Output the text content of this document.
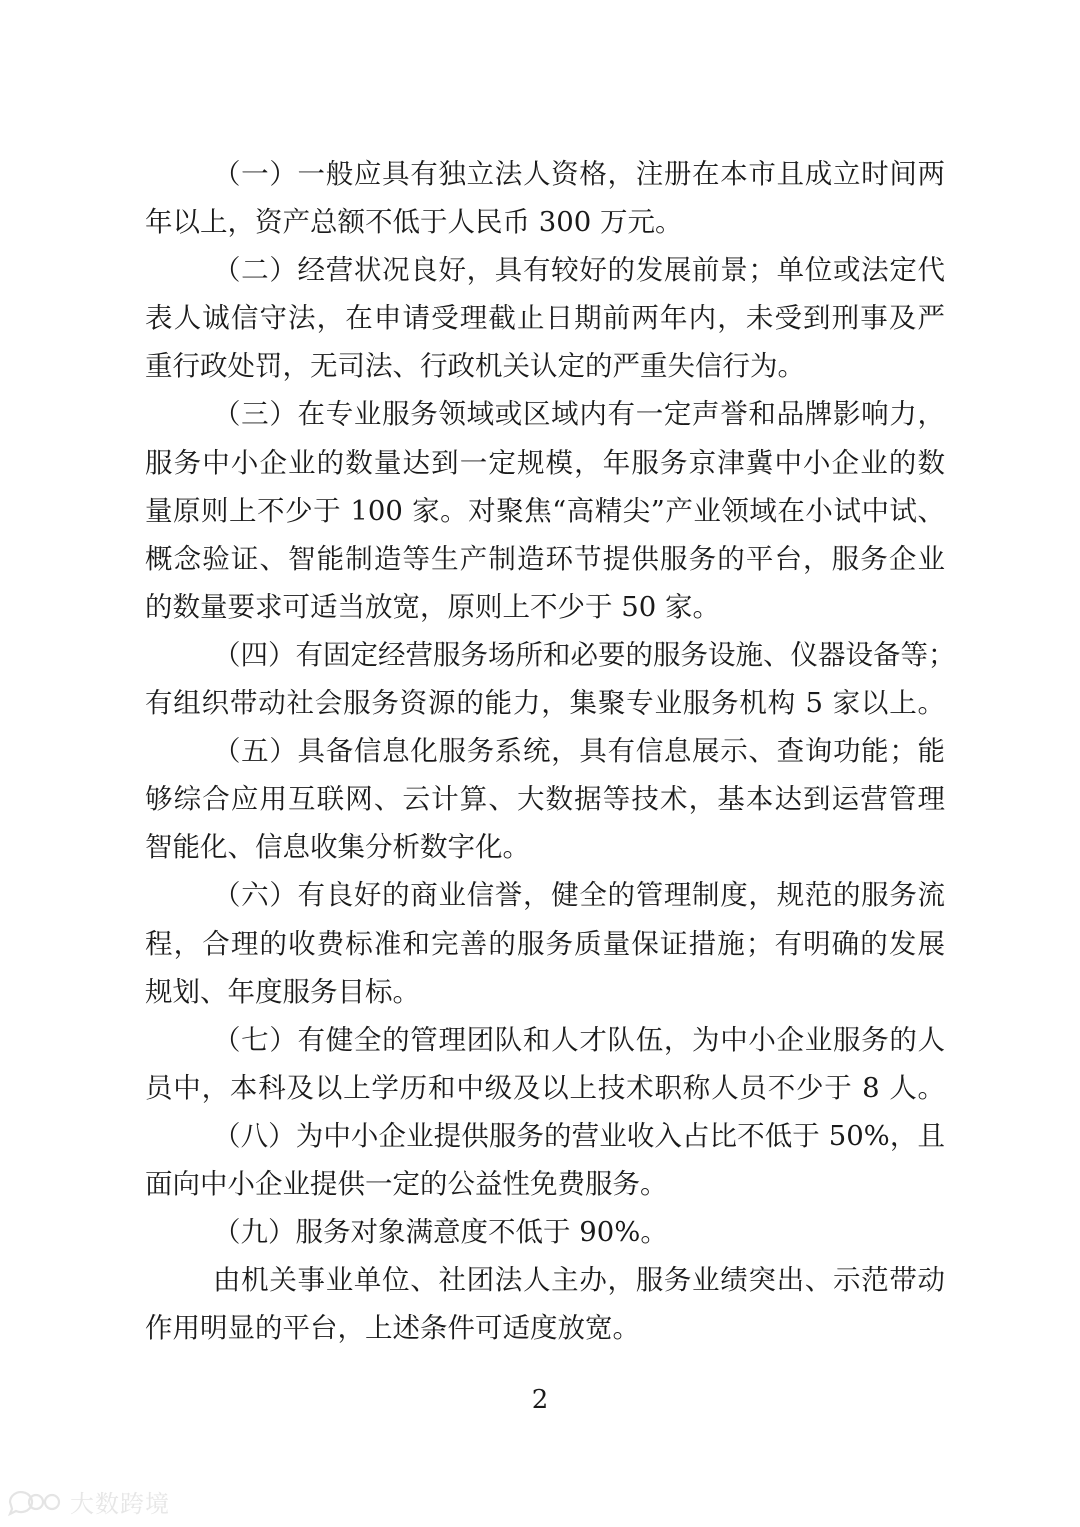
（一）一般应具有独立法人资格，注册在本市且成立时间两
年以上，资产总额不低于人民币 300 万元。
（二）经营状况良好，具有较好的发展前景；单位或法定代
表人诚信守法，在申请受理截止日期前两年内，未受到刑事及严
重行政处罚，无司法、行政机关认定的严重失信行为。
（三）在专业服务领域或区域内有一定声誉和品牌影响力，
服务中小企业的数量达到一定规模，年服务京津冀中小企业的数
量原则上不少于 100 家。对聚焦“高精尖”产业领域在小试中试、
概念验证、智能制造等生产制造环节提供服务的平台，服务企业
的数量要求可适当放宽，原则上不少于 50 家。
（四）有固定经营服务场所和必要的服务设施、仪器设备等；
有组织带动社会服务资源的能力，集聚专业服务机构 5 家以上。
（五）具备信息化服务系统，具有信息展示、查询功能；能
够综合应用互联网、云计算、大数据等技术，基本达到运营管理
智能化、信息收集分析数字化。
（六）有良好的商业信誉，健全的管理制度，规范的服务流
程，合理的收费标准和完善的服务质量保证措施；有明确的发展
规划、年度服务目标。
（七）有健全的管理团队和人才队伍，为中小企业服务的人
员中，本科及以上学历和中级及以上技术职称人员不少于 8 人。
（八）为中小企业提供服务的营业收入占比不低于 50%，且
面向中小企业提供一定的公益性免费服务。
（九）服务对象满意度不低于 90%。
由机关事业单位、社团法人主办，服务业绩突出、示范带动
作用明显的平台，上述条件可适度放宽。
2
大数跨境
